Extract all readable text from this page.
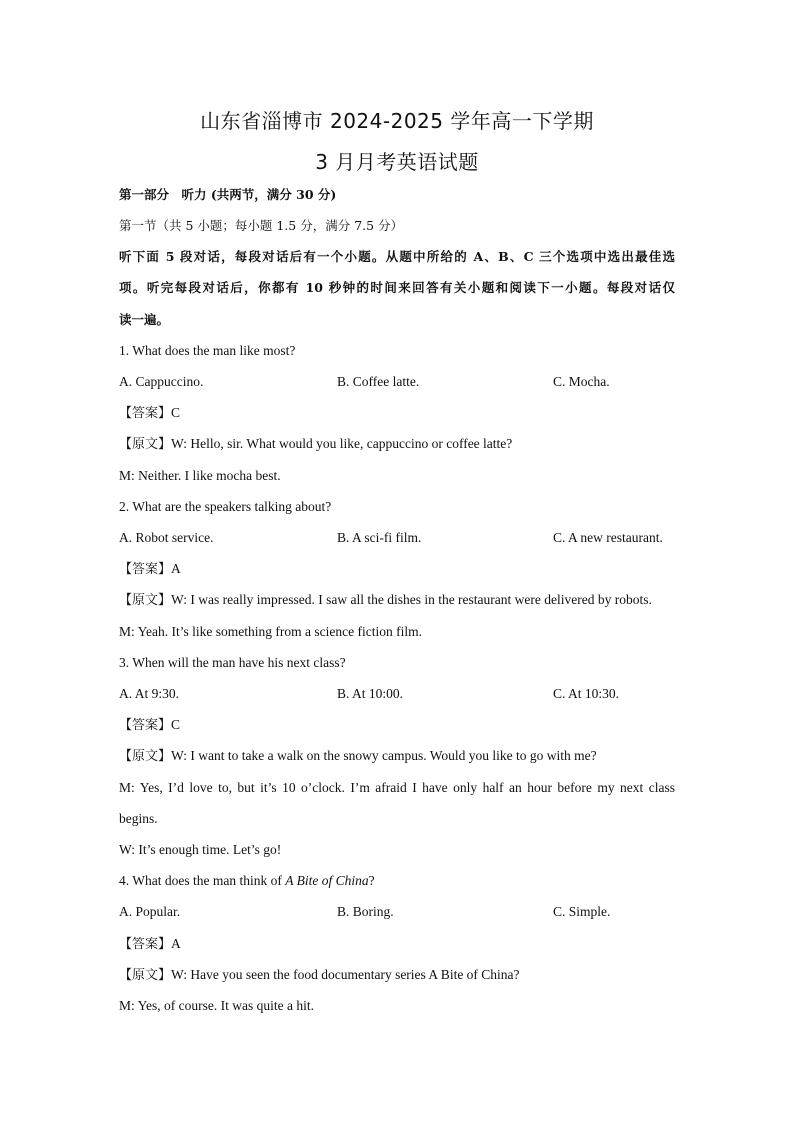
山东省淄博市 2024-2025 学年高一下学期
3 月月考英语试题
第一部分　听力 (共两节，满分 30 分)
第一节（共 5 小题；每小题 1.5 分，满分 7.5 分）
听下面 5 段对话，每段对话后有一个小题。从题中所给的 A、B、C 三个选项中选出最佳选
项。听完每段对话后，你都有 10 秒钟的时间来回答有关小题和阅读下一小题。每段对话仅
读一遍。
1. What does the man like most?
A. Cappuccino.	B. Coffee latte.	C. Mocha.
【答案】C
【原文】W: Hello, sir. What would you like, cappuccino or coffee latte?
M: Neither. I like mocha best.
2. What are the speakers talking about?
A. Robot service.	B. A sci-fi film.	C. A new restaurant.
【答案】A
【原文】W: I was really impressed. I saw all the dishes in the restaurant were delivered by robots.
M: Yeah. It’s like something from a science fiction film.
3. When will the man have his next class?
A. At 9:30.	B. At 10:00.	C. At 10:30.
【答案】C
【原文】W: I want to take a walk on the snowy campus. Would you like to go with me?
M: Yes, I’d love to, but it’s 10 o’clock. I’m afraid I have only half an hour before my next class
begins.
W: It’s enough time. Let’s go!
4. What does the man think of A Bite of China?
A. Popular.	B. Boring.	C. Simple.
【答案】A
【原文】W: Have you seen the food documentary series A Bite of China?
M: Yes, of course. It was quite a hit.
